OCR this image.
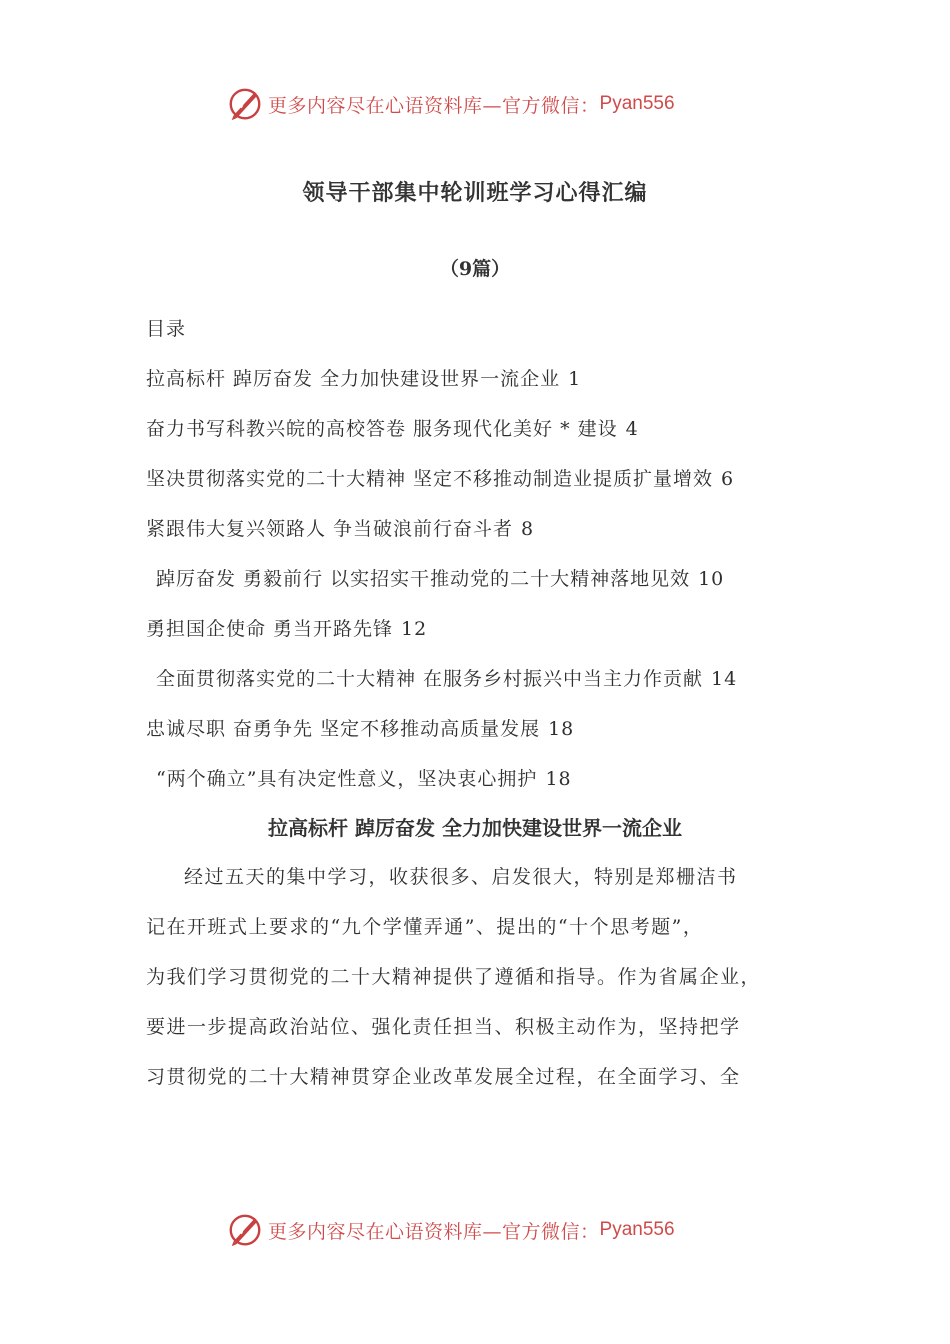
更多内容尽在心语资料库—官方微信： Pyan556
领导干部集中轮训班学习心得汇编
（9篇）
目录
拉高标杆 踔厉奋发 全力加快建设世界一流企业 1
奋力书写科教兴皖的高校答卷 服务现代化美好 * 建设 4
坚决贯彻落实党的二十大精神 坚定不移推动制造业提质扩量增效 6
紧跟伟大复兴领路人 争当破浪前行奋斗者 8
踔厉奋发 勇毅前行 以实招实干推动党的二十大精神落地见效 10
勇担国企使命 勇当开路先锋 12
全面贯彻落实党的二十大精神 在服务乡村振兴中当主力作贡献 14
忠诚尽职 奋勇争先 坚定不移推动高质量发展 18
“两个确立”具有决定性意义，坚决衷心拥护 18
拉高标杆 踔厉奋发 全力加快建设世界一流企业
经过五天的集中学习，收获很多、启发很大，特别是郑栅洁书
记在开班式上要求的“九个学懂弄通”、提出的“十个思考题”，
为我们学习贯彻党的二十大精神提供了遵循和指导。作为省属企业，
要进一步提高政治站位、强化责任担当、积极主动作为，坚持把学
习贯彻党的二十大精神贯穿企业改革发展全过程，在全面学习、全
更多内容尽在心语资料库—官方微信： Pyan556
